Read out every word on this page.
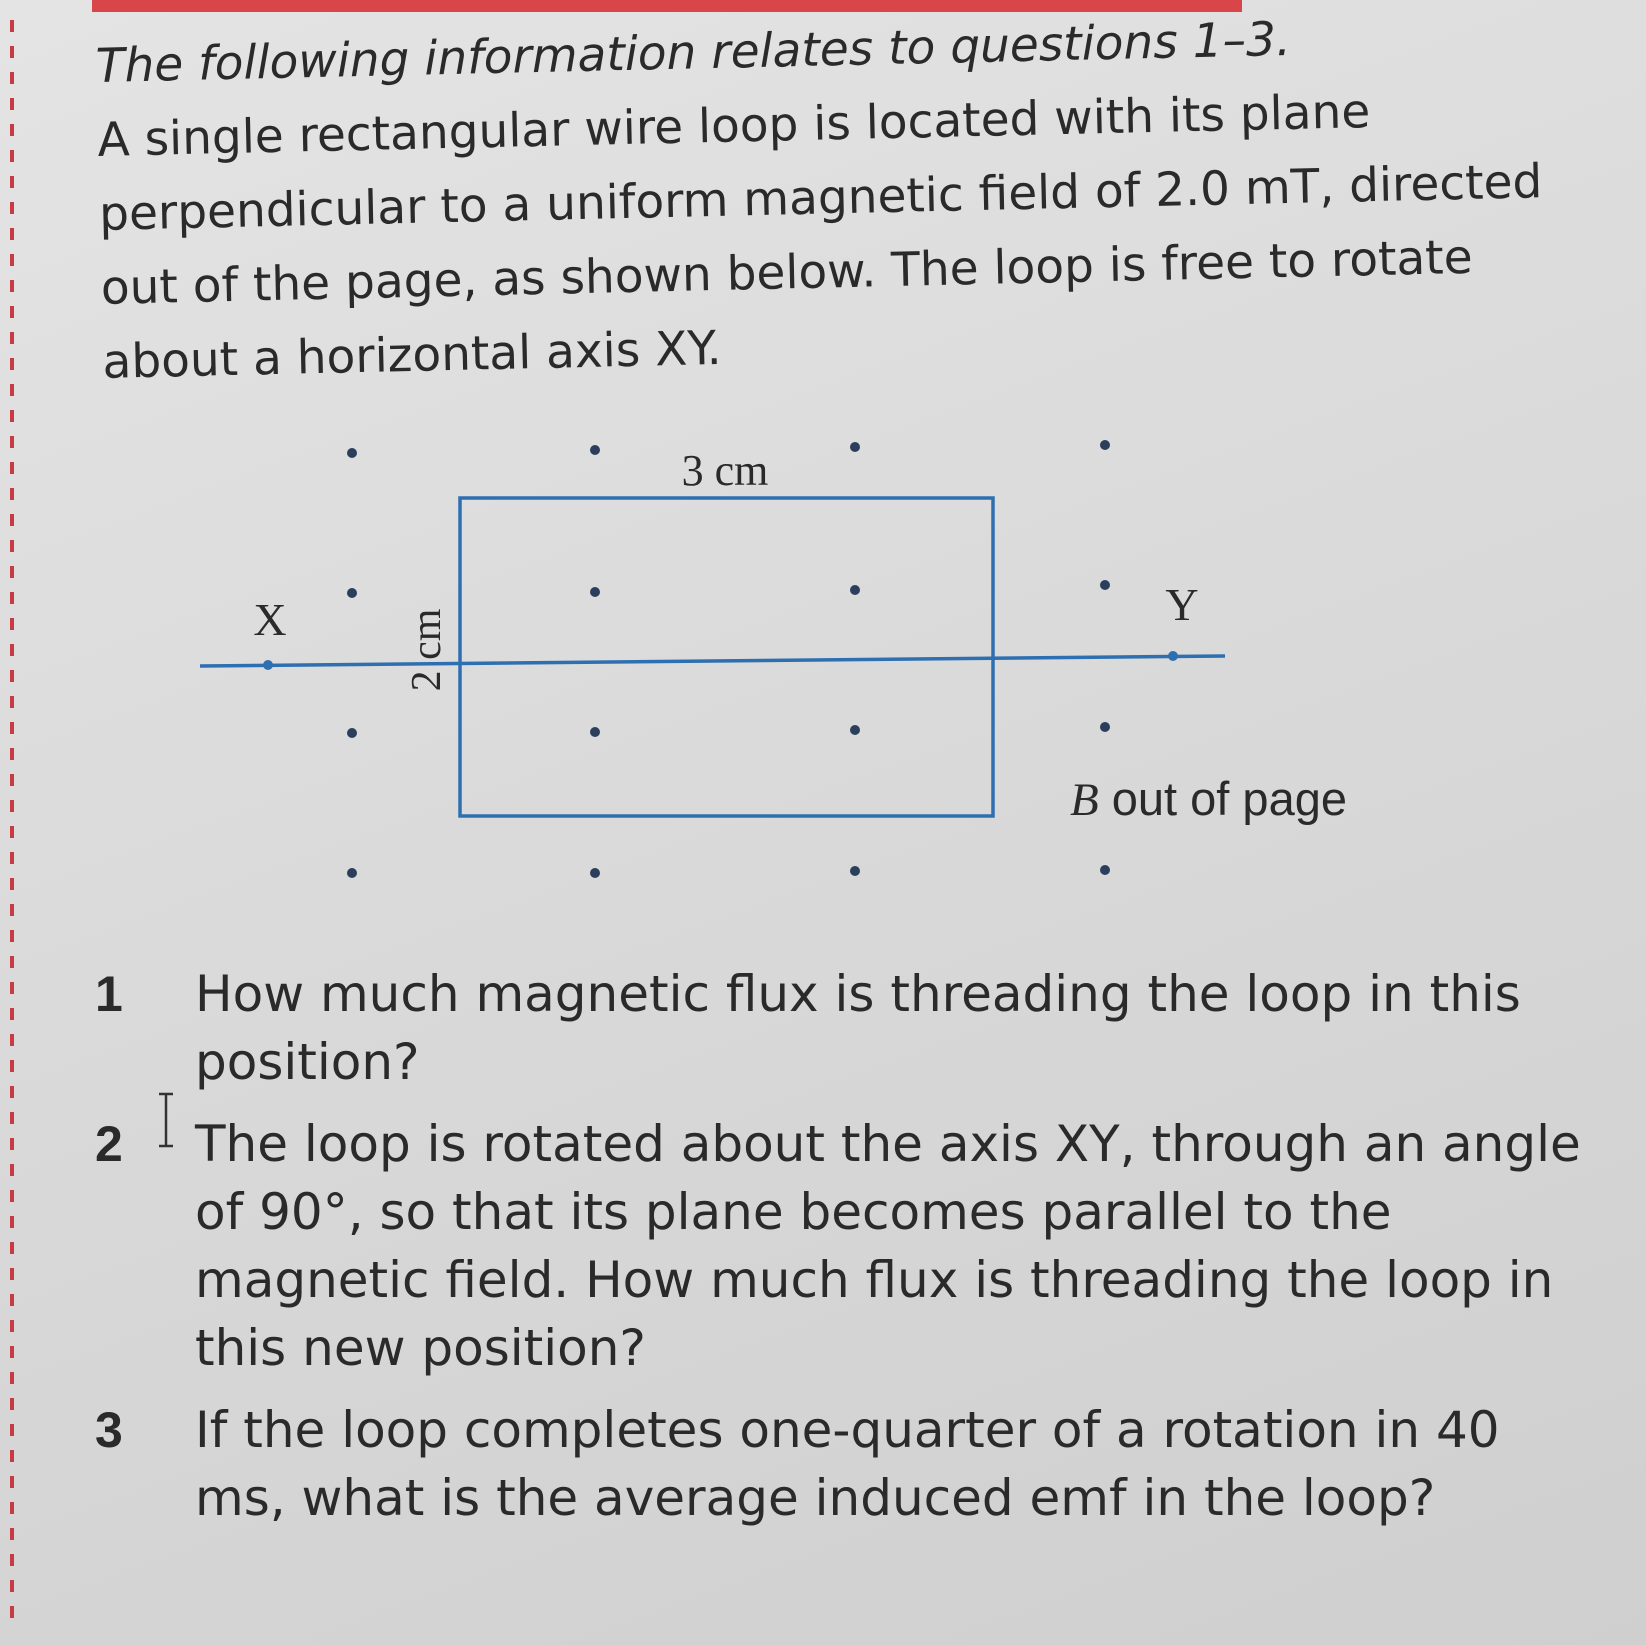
The following information relates to questions 1–3.

A single rectangular wire loop is located with its plane perpendicular to a uniform magnetic field of 2.0 mT, directed out of the page, as shown below. The loop is free to rotate about a horizontal axis XY.

3 cm
X	Y
2 cm
B out of page
1	How much magnetic flux is threading the loop in this position?
2	The loop is rotated about the axis XY, through an angle of 90°, so that its plane becomes parallel to the magnetic field. How much flux is threading the loop in this new position?
3	If the loop completes one-quarter of a rotation in 40 ms, what is the average induced emf in the loop?
